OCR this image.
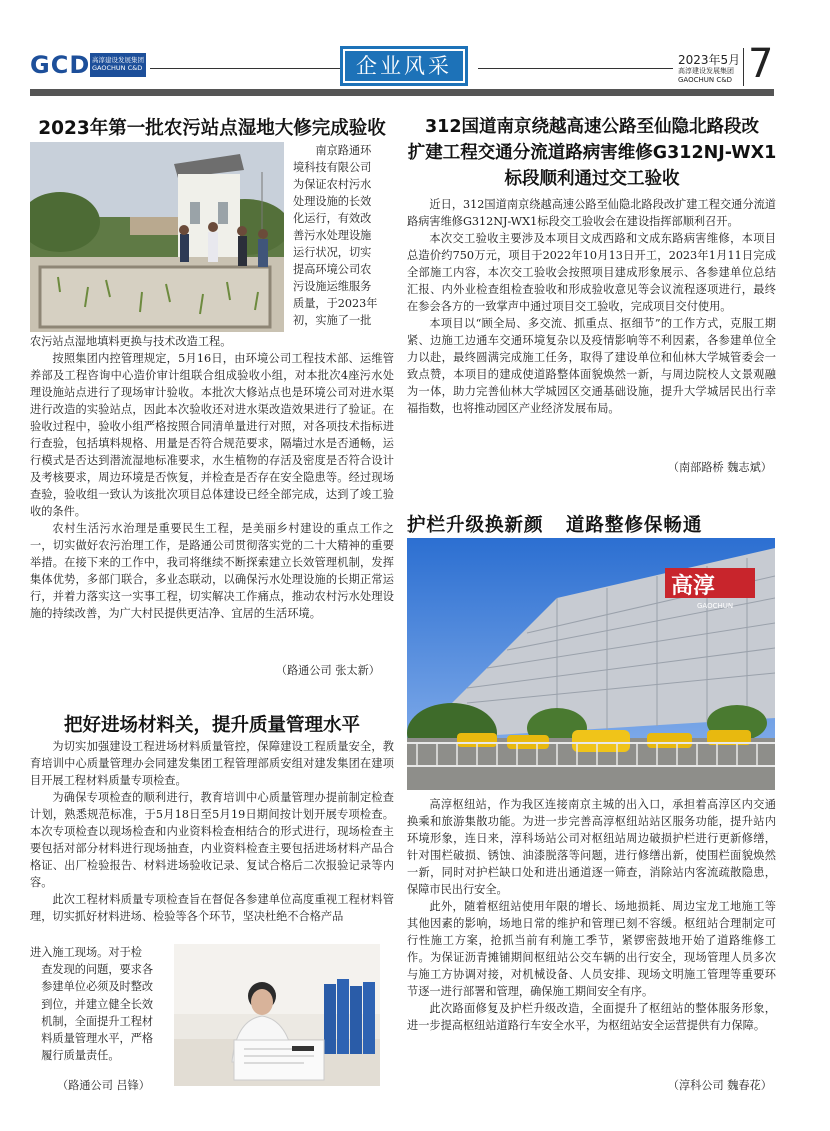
GCD 高淳建设发展集团 GAOCHUN C&D	企业风采	2023年5月
高淳建设发展集团
GAOCHUN C&D 7
2023年第一批农污站点湿地大修完成验收
南京路通环
境科技有限公司
为保证农村污水
处理设施的长效
化运行，有效改
善污水处理设施
运行状况，切实
提高环境公司农
污设施运维服务
质量，于2023年
初，实施了一批
农污站点湿地填料更换与技术改造工程。

按照集团内控管理规定，5月16日，由环境公司工程技术部、运维管养部及工程咨询中心造价审计组联合组成验收小组，对本批次4座污水处理设施站点进行了现场审计验收。本批次大修站点也是环境公司对进水渠进行改造的实验站点，因此本次验收还对进水渠改造效果进行了验证。在验收过程中，验收小组严格按照合同清单量进行对照，对各项技术指标进行查验，包括填料规格、用量是否符合规范要求，隔墙过水是否通畅，运行模式是否达到潜流湿地标准要求，水生植物的存活及密度是否符合设计及考核要求，周边环境是否恢复，并检查是否存在安全隐患等。经过现场查验，验收组一致认为该批次项目总体建设已经全部完成，达到了竣工验收的条件。

农村生活污水治理是重要民生工程，是美丽乡村建设的重点工作之一，切实做好农污治理工作，是路通公司贯彻落实党的二十大精神的重要举措。在接下来的工作中，我司将继续不断探索建立长效管理机制，发挥集体优势，多部门联合，多业态联动，以确保污水处理设施的长期正常运行，并着力落实这一实事工程，切实解决工作痛点，推动农村污水处理设施的持续改善，为广大村民提供更洁净、宜居的生活环境。

（路通公司 张太新）
把好进场材料关，提升质量管理水平

为切实加强建设工程进场材料质量管控，保障建设工程质量安全，教育培训中心质量管理办会同建发集团工程管理部质安组对建发集团在建项目开展工程材料质量专项检查。

为确保专项检查的顺利进行，教育培训中心质量管理办提前制定检查计划，熟悉规范标准，于5月18日至5月19日期间按计划开展专项检查。本次专项检查以现场检查和内业资料检查相结合的形式进行，现场检查主要包括对部分材料进行现场抽查，内业资料检查主要包括进场材料产品合格证、出厂检验报告、材料进场验收记录、复试合格后二次报验记录等内容。

此次工程材料质量专项检查旨在督促各参建单位高度重视工程材料管理，切实抓好材料进场、检验等各个环节，坚决杜绝不合格产品

进入施工现场。对于检
查发现的问题，要求各
参建单位必须及时整改
到位，并建立健全长效
机制，全面提升工程材
料质量管理水平，严格
履行质量责任。
（路通公司 吕锋）
312国道南京绕越高速公路至仙隐北路段改
扩建工程交通分流道路病害维修G312NJ-WX1
标段顺利通过交工验收

近日，312国道南京绕越高速公路至仙隐北路段改扩建工程交通分流道路病害维修G312NJ-WX1标段交工验收会在建设指挥部顺利召开。

本次交工验收主要涉及本项目文成西路和文成东路病害维修，本项目总造价约750万元，项目于2022年10月13日开工，2023年1月11日完成全部施工内容，本次交工验收会按照项目建成形象展示、各参建单位总结汇报、内外业检查组检查验收和形成验收意见等会议流程逐项进行，最终在参会各方的一致掌声中通过项目交工验收，完成项目交付使用。

本项目以“顾全局、多交流、抓重点、抠细节”的工作方式，克服工期紧、边施工边通车交通环境复杂以及疫情影响等不利因素，各参建单位全力以赴，最终圆满完成施工任务，取得了建设单位和仙林大学城管委会一致点赞，本项目的建成使道路整体面貌焕然一新，与周边院校人文景观融为一体，助力完善仙林大学城园区交通基础设施，提升大学城居民出行幸福指数，也将推动园区产业经济发展布局。

（南部路桥 魏志斌）
护栏升级换新颜   道路整修保畅通
高淳
GAOCHUN

高淳枢纽站，作为我区连接南京主城的出入口，承担着高淳区内交通换乘和旅游集散功能。为进一步完善高淳枢纽站站区服务功能，提升站内环境形象，连日来，淳科场站公司对枢纽站周边破损护栏进行更新修缮，针对围栏破损、锈蚀、油漆脱落等问题，进行修缮出新，使围栏面貌焕然一新，同时对护栏缺口处和进出通道逐一筛查，消除站内客流疏散隐患，保障市民出行安全。

此外，随着枢纽站使用年限的增长、场地损耗、周边宝龙工地施工等其他因素的影响，场地日常的维护和管理已刻不容缓。枢纽站合理制定可行性施工方案，抢抓当前有利施工季节，紧锣密鼓地开始了道路维修工作。为保证沥青摊铺期间枢纽站公交车辆的出行安全，现场管理人员多次与施工方协调对接，对机械设备、人员安排、现场文明施工管理等重要环节逐一进行部署和管理，确保施工期间安全有序。

此次路面修复及护栏升级改造，全面提升了枢纽站的整体服务形象，进一步提高枢纽站道路行车安全水平，为枢纽站安全运营提供有力保障。

（淳科公司 魏春花）
